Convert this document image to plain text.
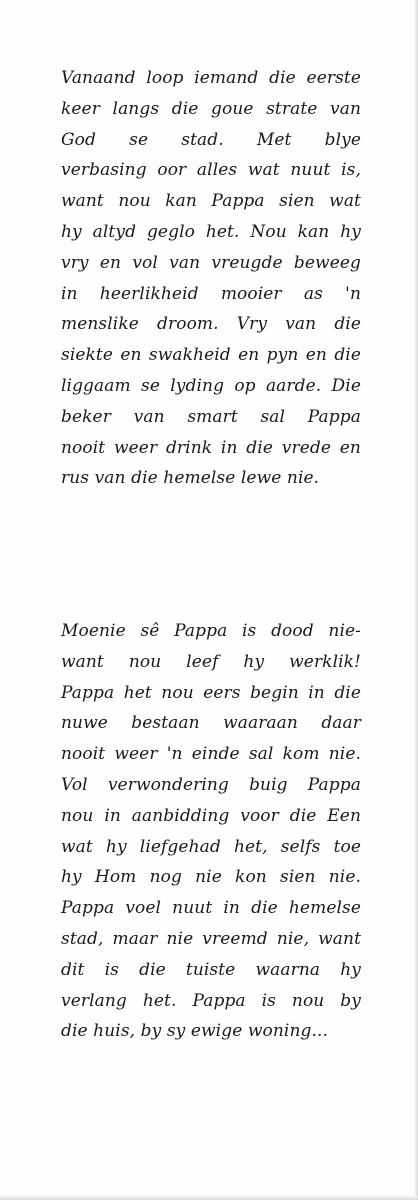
Vanaand loop iemand die eerste
keer langs die goue strate van
God se stad. Met blye
verbasing oor alles wat nuut is,
want nou kan Pappa sien wat
hy altyd geglo het. Nou kan hy
vry en vol van vreugde beweeg
in heerlikheid mooier as 'n
menslike droom. Vry van die
siekte en swakheid en pyn en die
liggaam se lyding op aarde. Die
beker van smart sal Pappa
nooit weer drink in die vrede en
rus van die hemelse lewe nie.

Moenie sê Pappa is dood nie-
want nou leef hy werklik!
Pappa het nou eers begin in die
nuwe bestaan waaraan daar
nooit weer 'n einde sal kom nie.
Vol verwondering buig Pappa
nou in aanbidding voor die Een
wat hy liefgehad het, selfs toe
hy Hom nog nie kon sien nie.
Pappa voel nuut in die hemelse
stad, maar nie vreemd nie, want
dit is die tuiste waarna hy
verlang het. Pappa is nou by
die huis, by sy ewige woning...
